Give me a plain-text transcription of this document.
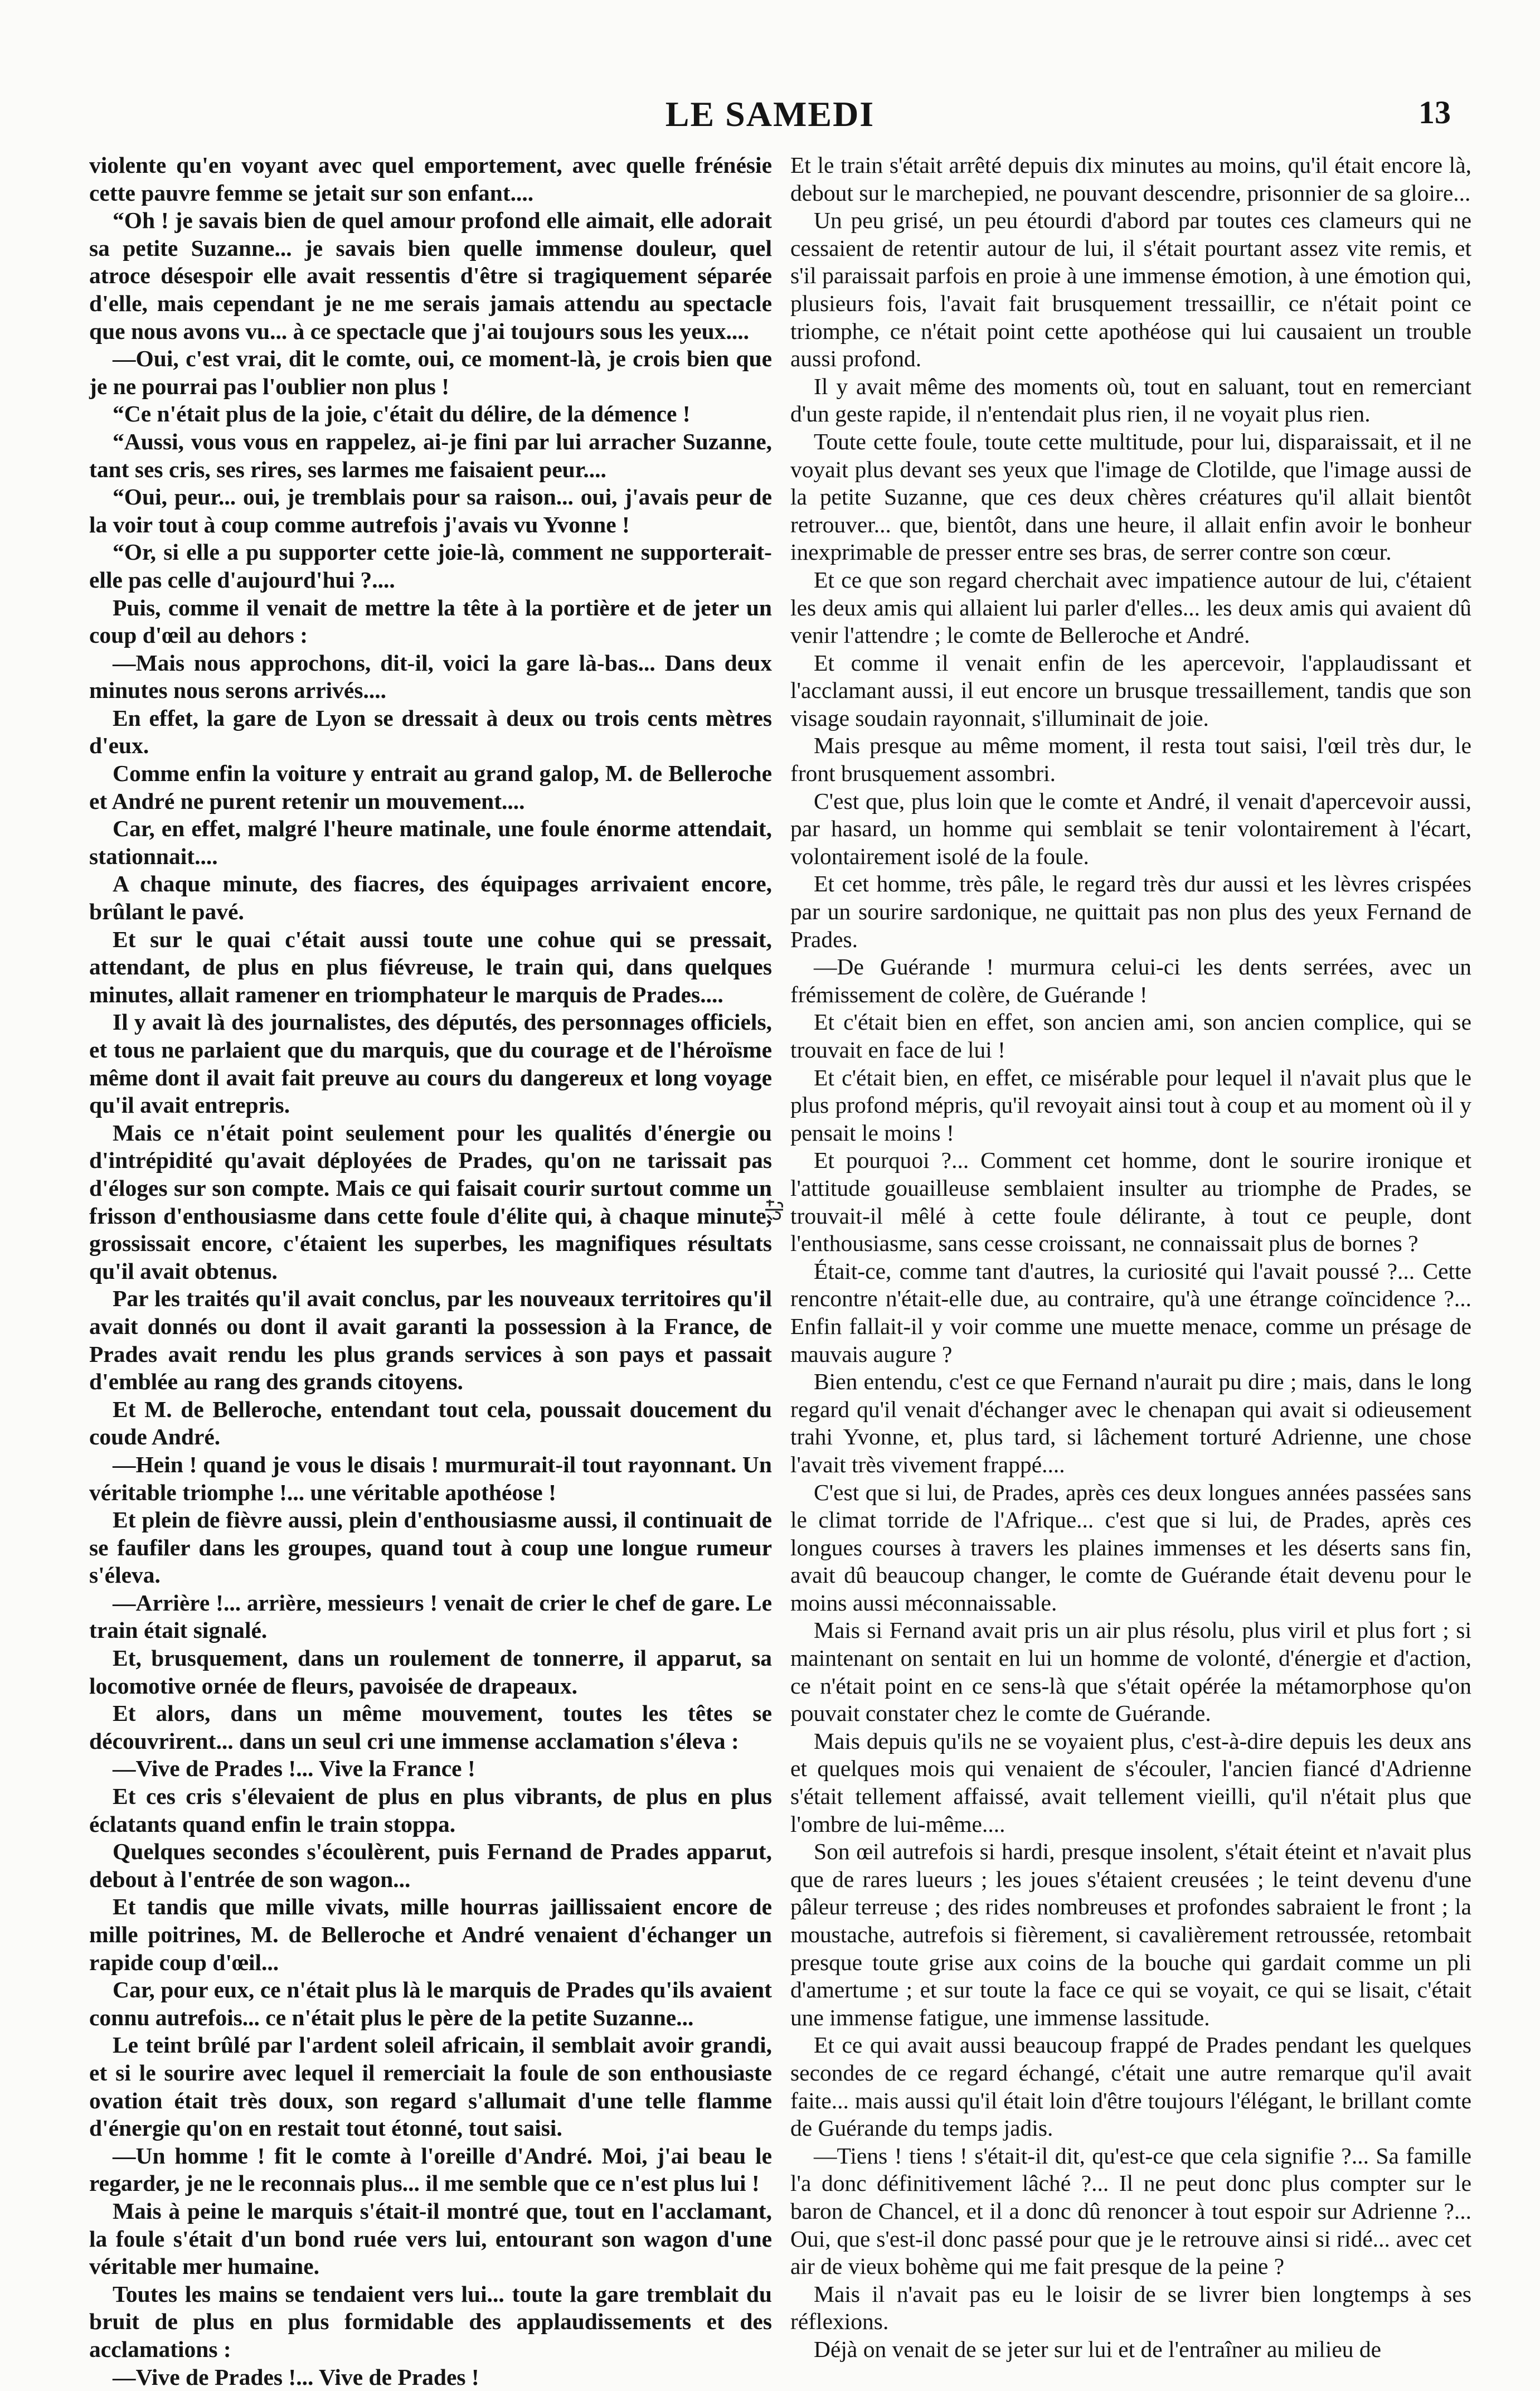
LE SAMEDI	13

violente qu'en voyant avec quel emportement, avec quelle frénésie cette pauvre femme se jetait sur son enfant....

“Oh ! je savais bien de quel amour profond elle aimait, elle adorait sa petite Suzanne... je savais bien quelle immense douleur, quel atroce désespoir elle avait ressentis d'être si tragiquement séparée d'elle, mais cependant je ne me serais jamais attendu au spectacle que nous avons vu... à ce spectacle que j'ai toujours sous les yeux....

—Oui, c'est vrai, dit le comte, oui, ce moment-là, je crois bien que je ne pourrai pas l'oublier non plus !

“Ce n'était plus de la joie, c'était du délire, de la démence !

“Aussi, vous vous en rappelez, ai-je fini par lui arracher Suzanne, tant ses cris, ses rires, ses larmes me faisaient peur....

“Oui, peur... oui, je tremblais pour sa raison... oui, j'avais peur de la voir tout à coup comme autrefois j'avais vu Yvonne !

“Or, si elle a pu supporter cette joie-là, comment ne supporterait-elle pas celle d'aujourd'hui ?....

Puis, comme il venait de mettre la tête à la portière et de jeter un coup d'œil au dehors :

—Mais nous approchons, dit-il, voici la gare là-bas... Dans deux minutes nous serons arrivés....

En effet, la gare de Lyon se dressait à deux ou trois cents mètres d'eux.

Comme enfin la voiture y entrait au grand galop, M. de Belleroche et André ne purent retenir un mouvement....

Car, en effet, malgré l'heure matinale, une foule énorme attendait, stationnait....

A chaque minute, des fiacres, des équipages arrivaient encore, brûlant le pavé.

Et sur le quai c'était aussi toute une cohue qui se pressait, attendant, de plus en plus fiévreuse, le train qui, dans quelques minutes, allait ramener en triomphateur le marquis de Prades....

Il y avait là des journalistes, des députés, des personnages officiels, et tous ne parlaient que du marquis, que du courage et de l'héroïsme même dont il avait fait preuve au cours du dangereux et long voyage qu'il avait entrepris.

Mais ce n'était point seulement pour les qualités d'énergie ou d'intrépidité qu'avait déployées de Prades, qu'on ne tarissait pas d'éloges sur son compte. Mais ce qui faisait courir surtout comme un frisson d'enthousiasme dans cette foule d'élite qui, à chaque minute, grossissait encore, c'étaient les superbes, les magnifiques résultats qu'il avait obtenus.

Par les traités qu'il avait conclus, par les nouveaux territoires qu'il avait donnés ou dont il avait garanti la possession à la France, de Prades avait rendu les plus grands services à son pays et passait d'emblée au rang des grands citoyens.

Et M. de Belleroche, entendant tout cela, poussait doucement du coude André.

—Hein ! quand je vous le disais ! murmurait-il tout rayonnant. Un véritable triomphe !... une véritable apothéose !

Et plein de fièvre aussi, plein d'enthousiasme aussi, il continuait de se faufiler dans les groupes, quand tout à coup une longue rumeur s'éleva.

—Arrière !... arrière, messieurs ! venait de crier le chef de gare. Le train était signalé.

Et, brusquement, dans un roulement de tonnerre, il apparut, sa locomotive ornée de fleurs, pavoisée de drapeaux.

Et alors, dans un même mouvement, toutes les têtes se découvrirent... dans un seul cri une immense acclamation s'éleva :

—Vive de Prades !... Vive la France !

Et ces cris s'élevaient de plus en plus vibrants, de plus en plus éclatants quand enfin le train stoppa.

Quelques secondes s'écoulèrent, puis Fernand de Prades apparut, debout à l'entrée de son wagon...

Et tandis que mille vivats, mille hourras jaillissaient encore de mille poitrines, M. de Belleroche et André venaient d'échanger un rapide coup d'œil...

Car, pour eux, ce n'était plus là le marquis de Prades qu'ils avaient connu autrefois... ce n'était plus le père de la petite Suzanne...

Le teint brûlé par l'ardent soleil africain, il semblait avoir grandi, et si le sourire avec lequel il remerciait la foule de son enthousiaste ovation était très doux, son regard s'allumait d'une telle flamme d'énergie qu'on en restait tout étonné, tout saisi.

—Un homme ! fit le comte à l'oreille d'André. Moi, j'ai beau le regarder, je ne le reconnais plus... il me semble que ce n'est plus lui !

Mais à peine le marquis s'était-il montré que, tout en l'acclamant, la foule s'était d'un bond ruée vers lui, entourant son wagon d'une véritable mer humaine.

Toutes les mains se tendaient vers lui... toute la gare tremblait du bruit de plus en plus formidable des applaudissements et des acclamations :

—Vive de Prades !... Vive de Prades !

Et le train s'était arrêté depuis dix minutes au moins, qu'il était encore là, debout sur le marchepied, ne pouvant descendre, prisonnier de sa gloire...

Un peu grisé, un peu étourdi d'abord par toutes ces clameurs qui ne cessaient de retentir autour de lui, il s'était pourtant assez vite remis, et s'il paraissait parfois en proie à une immense émotion, à une émotion qui, plusieurs fois, l'avait fait brusquement tressaillir, ce n'était point ce triomphe, ce n'était point cette apothéose qui lui causaient un trouble aussi profond.

Il y avait même des moments où, tout en saluant, tout en remerciant d'un geste rapide, il n'entendait plus rien, il ne voyait plus rien.

Toute cette foule, toute cette multitude, pour lui, disparaissait, et il ne voyait plus devant ses yeux que l'image de Clotilde, que l'image aussi de la petite Suzanne, que ces deux chères créatures qu'il allait bientôt retrouver... que, bientôt, dans une heure, il allait enfin avoir le bonheur inexprimable de presser entre ses bras, de serrer contre son cœur.

Et ce que son regard cherchait avec impatience autour de lui, c'étaient les deux amis qui allaient lui parler d'elles... les deux amis qui avaient dû venir l'attendre ; le comte de Belleroche et André.

Et comme il venait enfin de les apercevoir, l'applaudissant et l'acclamant aussi, il eut encore un brusque tressaillement, tandis que son visage soudain rayonnait, s'illuminait de joie.

Mais presque au même moment, il resta tout saisi, l'œil très dur, le front brusquement assombri.

C'est que, plus loin que le comte et André, il venait d'apercevoir aussi, par hasard, un homme qui semblait se tenir volontairement à l'écart, volontairement isolé de la foule.

Et cet homme, très pâle, le regard très dur aussi et les lèvres crispées par un sourire sardonique, ne quittait pas non plus des yeux Fernand de Prades.

—De Guérande ! murmura celui-ci les dents serrées, avec un frémissement de colère, de Guérande !

Et c'était bien en effet, son ancien ami, son ancien complice, qui se trouvait en face de lui !

Et c'était bien, en effet, ce misérable pour lequel il n'avait plus que le plus profond mépris, qu'il revoyait ainsi tout à coup et au moment où il y pensait le moins !

Et pourquoi ?... Comment cet homme, dont le sourire ironique et l'attitude gouailleuse semblaient insulter au triomphe de Prades, se trouvait-il mêlé à cette foule délirante, à tout ce peuple, dont l'enthousiasme, sans cesse croissant, ne connaissait plus de bornes ?

Était-ce, comme tant d'autres, la curiosité qui l'avait poussé ?... Cette rencontre n'était-elle due, au contraire, qu'à une étrange coïncidence ?... Enfin fallait-il y voir comme une muette menace, comme un présage de mauvais augure ?

Bien entendu, c'est ce que Fernand n'aurait pu dire ; mais, dans le long regard qu'il venait d'échanger avec le chenapan qui avait si odieusement trahi Yvonne, et, plus tard, si lâchement torturé Adrienne, une chose l'avait très vivement frappé....

C'est que si lui, de Prades, après ces deux longues années passées sans le climat torride de l'Afrique... c'est que si lui, de Prades, après ces longues courses à travers les plaines immenses et les déserts sans fin, avait dû beaucoup changer, le comte de Guérande était devenu pour le moins aussi méconnaissable.

Mais si Fernand avait pris un air plus résolu, plus viril et plus fort ; si maintenant on sentait en lui un homme de volonté, d'énergie et d'action, ce n'était point en ce sens-là que s'était opérée la métamorphose qu'on pouvait constater chez le comte de Guérande.

Mais depuis qu'ils ne se voyaient plus, c'est-à-dire depuis les deux ans et quelques mois qui venaient de s'écouler, l'ancien fiancé d'Adrienne s'était tellement affaissé, avait tellement vieilli, qu'il n'était plus que l'ombre de lui-même....

Son œil autrefois si hardi, presque insolent, s'était éteint et n'avait plus que de rares lueurs ; les joues s'étaient creusées ; le teint devenu d'une pâleur terreuse ; des rides nombreuses et profondes sabraient le front ; la moustache, autrefois si fièrement, si cavalièrement retroussée, retombait presque toute grise aux coins de la bouche qui gardait comme un pli d'amertume ; et sur toute la face ce qui se voyait, ce qui se lisait, c'était une immense fatigue, une immense lassitude.

Et ce qui avait aussi beaucoup frappé de Prades pendant les quelques secondes de ce regard échangé, c'était une autre remarque qu'il avait faite... mais aussi qu'il était loin d'être toujours l'élégant, le brillant comte de Guérande du temps jadis.

—Tiens ! tiens ! s'était-il dit, qu'est-ce que cela signifie ?... Sa famille l'a donc définitivement lâché ?... Il ne peut donc plus compter sur le baron de Chancel, et il a donc dû renoncer à tout espoir sur Adrienne ?... Oui, que s'est-il donc passé pour que je le retrouve ainsi si ridé... avec cet air de vieux bohème qui me fait presque de la peine ?

Mais il n'avait pas eu le loisir de se livrer bien longtemps à ses réflexions.

Déjà on venait de se jeter sur lui et de l'entraîner au milieu de
